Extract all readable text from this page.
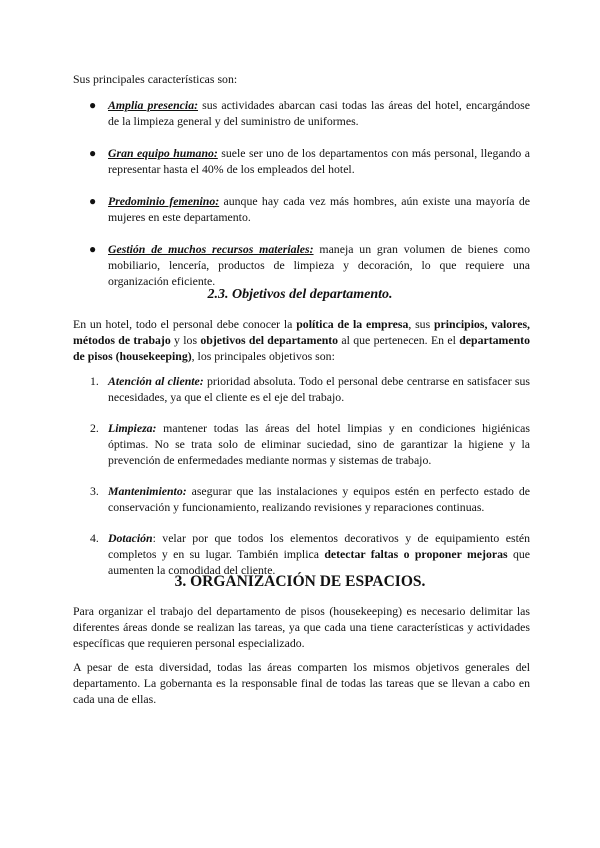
Sus principales características son:

● Amplia presencia: sus actividades abarcan casi todas las áreas del hotel, encargándose de la limpieza general y del suministro de uniformes.
● Gran equipo humano: suele ser uno de los departamentos con más personal, llegando a representar hasta el 40% de los empleados del hotel.
● Predominio femenino: aunque hay cada vez más hombres, aún existe una mayoría de mujeres en este departamento.
● Gestión de muchos recursos materiales: maneja un gran volumen de bienes como mobiliario, lencería, productos de limpieza y decoración, lo que requiere una organización eficiente.
2.3. Objetivos del departamento.

En un hotel, todo el personal debe conocer la política de la empresa, sus principios, valores, métodos de trabajo y los objetivos del departamento al que pertenecen. En el departamento de pisos (housekeeping), los principales objetivos son:

1. Atención al cliente: prioridad absoluta. Todo el personal debe centrarse en satisfacer sus necesidades, ya que el cliente es el eje del trabajo.
2. Limpieza: mantener todas las áreas del hotel limpias y en condiciones higiénicas óptimas. No se trata solo de eliminar suciedad, sino de garantizar la higiene y la prevención de enfermedades mediante normas y sistemas de trabajo.
3. Mantenimiento: asegurar que las instalaciones y equipos estén en perfecto estado de conservación y funcionamiento, realizando revisiones y reparaciones continuas.
4. Dotación: velar por que todos los elementos decorativos y de equipamiento estén completos y en su lugar. También implica detectar faltas o proponer mejoras que aumenten la comodidad del cliente.
3. ORGANIZACIÓN DE ESPACIOS.

Para organizar el trabajo del departamento de pisos (housekeeping) es necesario delimitar las diferentes áreas donde se realizan las tareas, ya que cada una tiene características y actividades específicas que requieren personal especializado.

A pesar de esta diversidad, todas las áreas comparten los mismos objetivos generales del departamento. La gobernanta es la responsable final de todas las tareas que se llevan a cabo en cada una de ellas.
